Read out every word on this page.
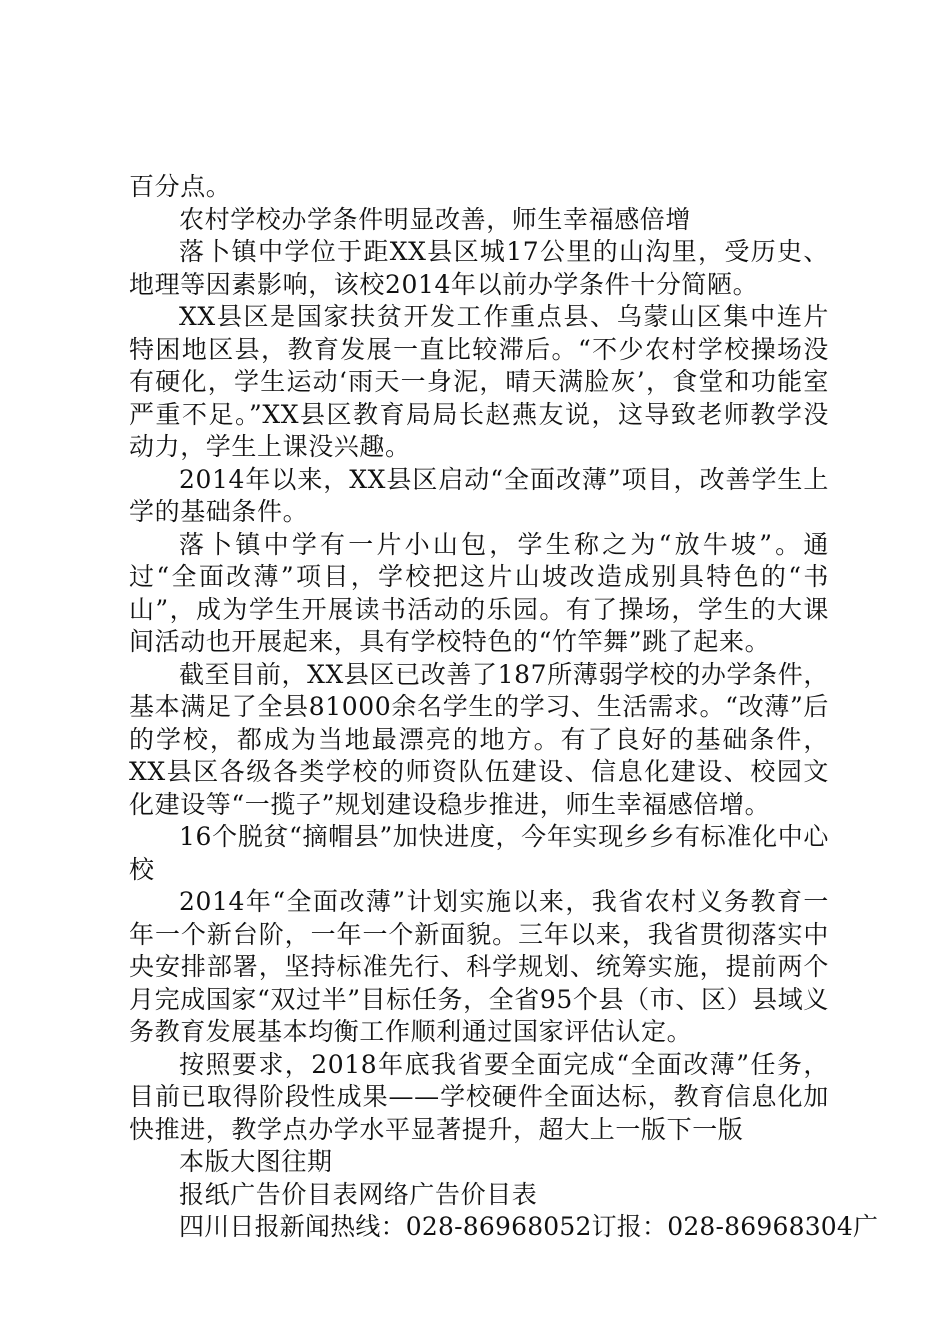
百分点。

农村学校办学条件明显改善，师生幸福感倍增

落卜镇中学位于距XX县区城17公里的山沟里，受历史、地理等因素影响，该校2014年以前办学条件十分简陋。

XX县区是国家扶贫开发工作重点县、乌蒙山区集中连片特困地区县，教育发展一直比较滞后。“不少农村学校操场没有硬化，学生运动‘雨天一身泥，晴天满脸灰’，食堂和功能室严重不足。”XX县区教育局局长赵燕友说，这导致老师教学没动力，学生上课没兴趣。

2014年以来，XX县区启动“全面改薄”项目，改善学生上学的基础条件。

落卜镇中学有一片小山包，学生称之为“放牛坡”。通过“全面改薄”项目，学校把这片山坡改造成别具特色的“书山”，成为学生开展读书活动的乐园。有了操场，学生的大课间活动也开展起来，具有学校特色的“竹竿舞”跳了起来。

截至目前，XX县区已改善了187所薄弱学校的办学条件，基本满足了全县81000余名学生的学习、生活需求。“改薄”后的学校，都成为当地最漂亮的地方。有了良好的基础条件，XX县区各级各类学校的师资队伍建设、信息化建设、校园文化建设等“一揽子”规划建设稳步推进，师生幸福感倍增。

16个脱贫“摘帽县”加快进度，今年实现乡乡有标准化中心校

2014年“全面改薄”计划实施以来，我省农村义务教育一年一个新台阶，一年一个新面貌。三年以来，我省贯彻落实中央安排部署，坚持标准先行、科学规划、统筹实施，提前两个月完成国家“双过半”目标任务，全省95个县（市、区）县域义务教育发展基本均衡工作顺利通过国家评估认定。

按照要求，2018年底我省要全面完成“全面改薄”任务，目前已取得阶段性成果——学校硬件全面达标，教育信息化加快推进，教学点办学水平显著提升，超大上一版下一版

本版大图往期

报纸广告价目表网络广告价目表

四川日报新闻热线：028-86968052订报：028-86968304广
